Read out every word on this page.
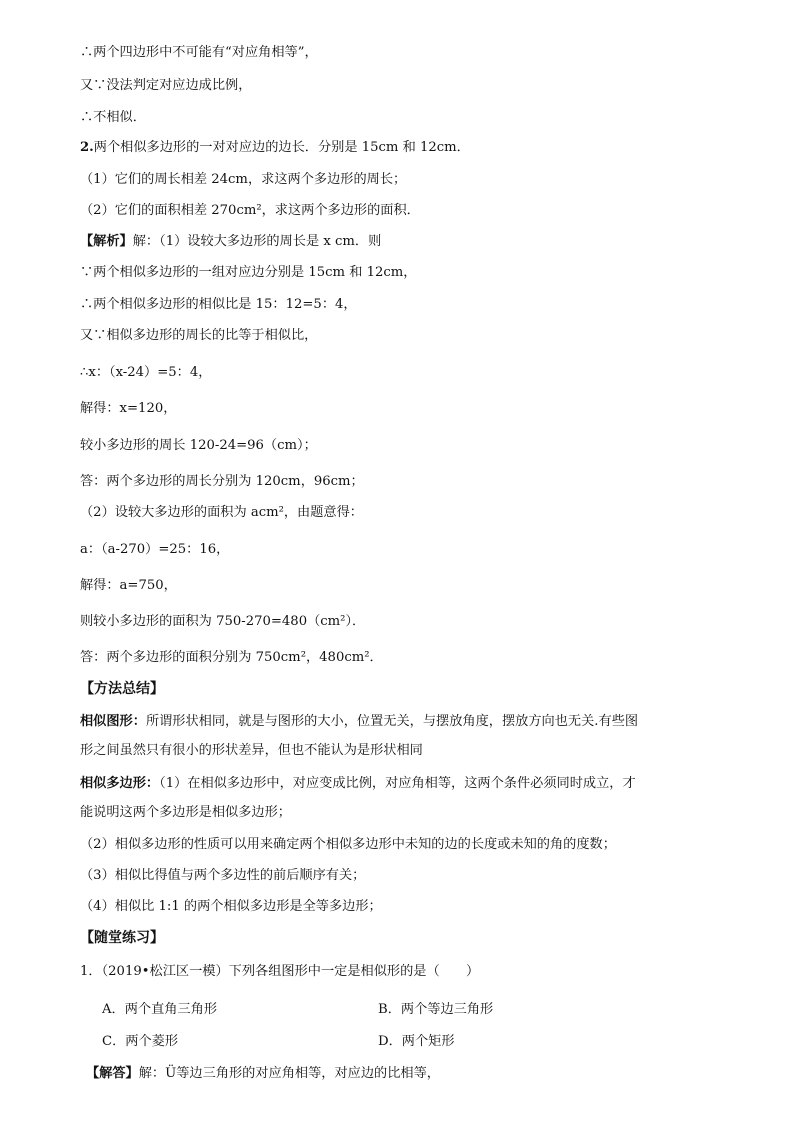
∴两个四边形中不可能有“对应角相等”，
又∵没法判定对应边成比例，
∴不相似．
2.两个相似多边形的一对对应边的边长．分别是 15cm 和 12cm．
（1）它们的周长相差 24cm，求这两个多边形的周长；
（2）它们的面积相差 270cm²，求这两个多边形的面积．
【解析】解：（1）设较大多边形的周长是 x cm．则
∵两个相似多边形的一组对应边分别是 15cm 和 12cm，
∴两个相似多边形的相似比是 15：12=5：4，
又∵相似多边形的周长的比等于相似比，
∴x：（x-24）=5：4，
解得：x=120，
较小多边形的周长 120-24=96（cm）；
答：两个多边形的周长分别为 120cm，96cm；
（2）设较大多边形的面积为 acm²，由题意得：
a：（a-270）=25：16，
解得：a=750，
则较小多边形的面积为 750-270=480（cm²）．
答：两个多边形的面积分别为 750cm²，480cm²．
【方法总结】
相似图形：所谓形状相同，就是与图形的大小，位置无关，与摆放角度，摆放方向也无关.有些图
形之间虽然只有很小的形状差异，但也不能认为是形状相同
相似多边形：（1）在相似多边形中，对应变成比例，对应角相等，这两个条件必须同时成立，才
能说明这两个多边形是相似多边形；
（2）相似多边形的性质可以用来确定两个相似多边形中未知的边的长度或未知的角的度数；
（3）相似比得值与两个多边性的前后顺序有关；
（4）相似比 1:1 的两个相似多边形是全等多边形；
【随堂练习】
1．（2019•松江区一模）下列各组图形中一定是相似形的是（　　）
A．两个直角三角形	B．两个等边三角形
C．两个菱形	D．两个矩形
【解答】解：Ü等边三角形的对应角相等，对应边的比相等，
